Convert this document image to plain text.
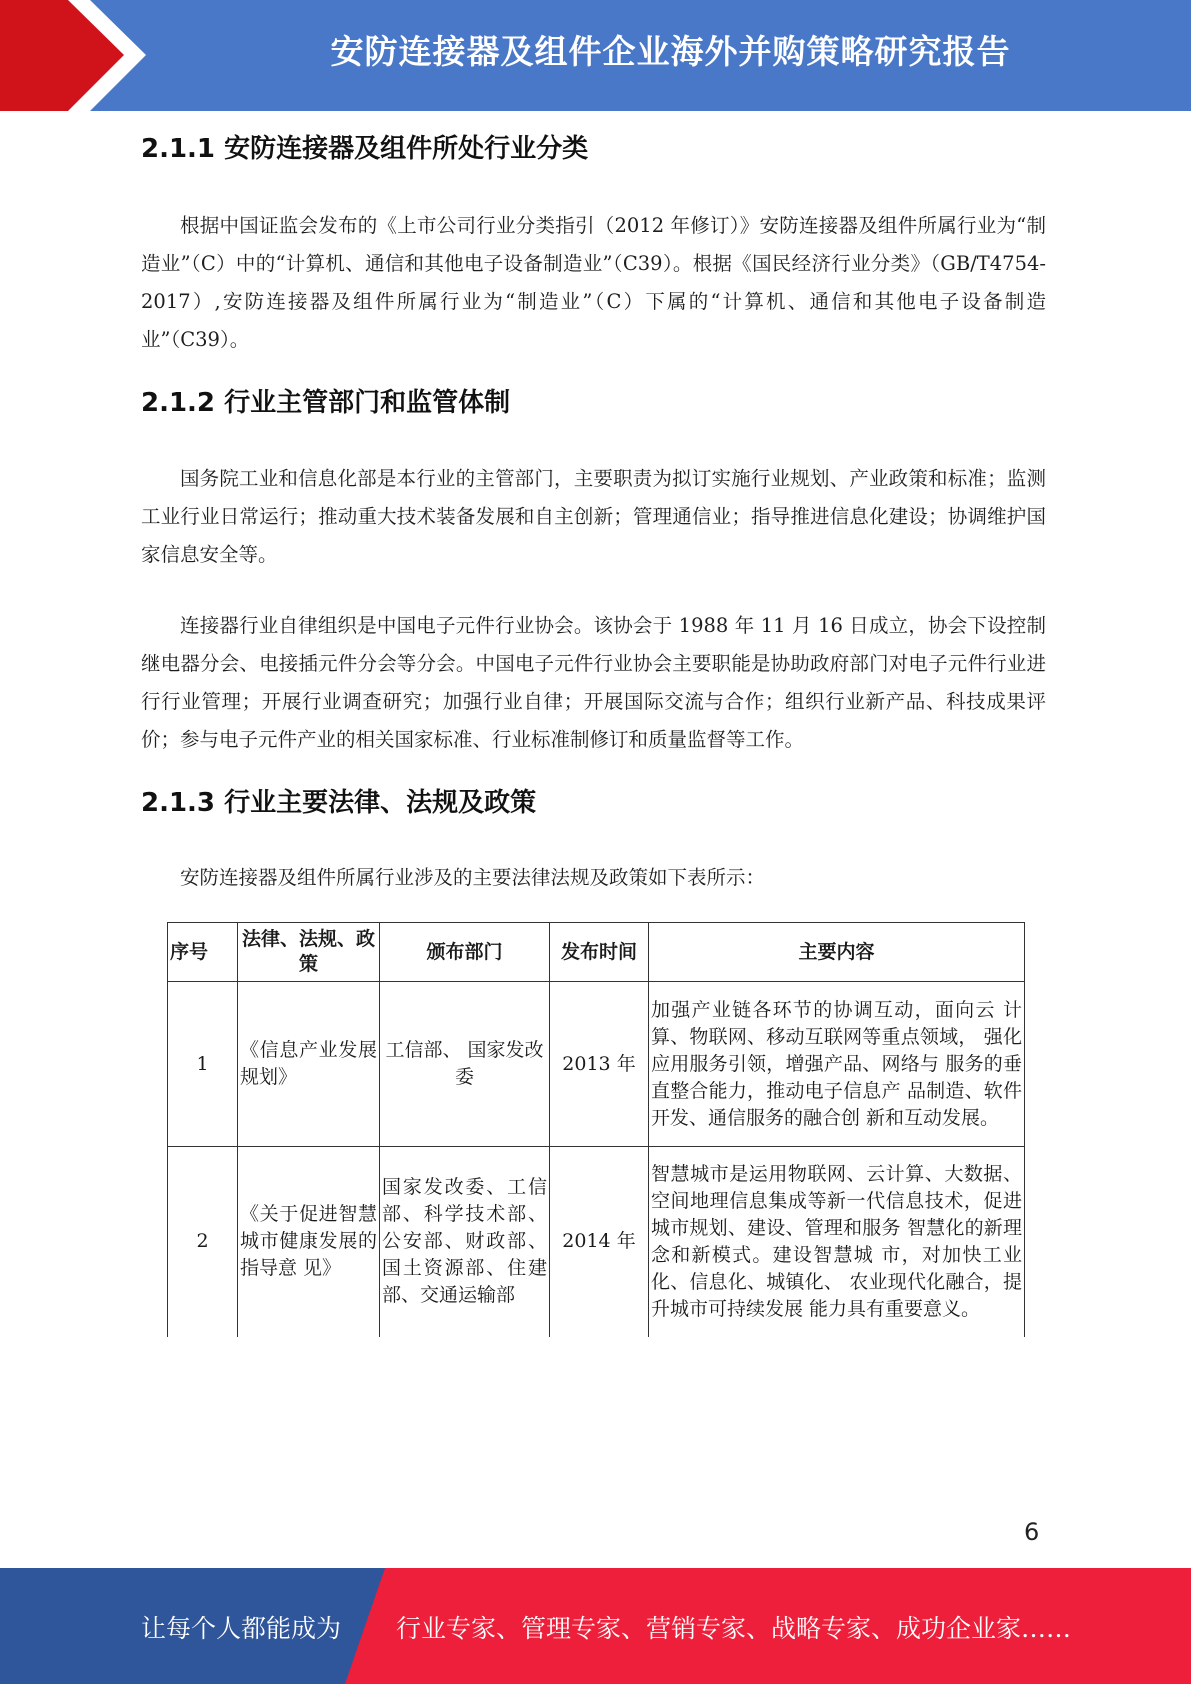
安防连接器及组件企业海外并购策略研究报告
2.1.1 安防连接器及组件所处行业分类

根据中国证监会发布的《上市公司行业分类指引（2012 年修订）》安防连接器及组件所属行业为“制造业”（C）中的“计算机、通信和其他电子设备制造业”（C39）。根据《国民经济行业分类》（GB/T4754-2017）,安防连接器及组件所属行业为“制造业”（C）下属的“计算机、通信和其他电子设备制造业”（C39）。

2.1.2 行业主管部门和监管体制

国务院工业和信息化部是本行业的主管部门，主要职责为拟订实施行业规划、产业政策和标准；监测工业行业日常运行；推动重大技术装备发展和自主创新；管理通信业；指导推进信息化建设；协调维护国家信息安全等。

连接器行业自律组织是中国电子元件行业协会。该协会于 1988 年 11 月 16 日成立，协会下设控制继电器分会、电接插元件分会等分会。中国电子元件行业协会主要职能是协助政府部门对电子元件行业进行行业管理；开展行业调查研究；加强行业自律；开展国际交流与合作；组织行业新产品、科技成果评价；参与电子元件产业的相关国家标准、行业标准制修订和质量监督等工作。

2.1.3 行业主要法律、法规及政策

安防连接器及组件所属行业涉及的主要法律法规及政策如下表所示：

序号	法律、法规、政策	颁布部门	发布时间	主要内容
1	《信息产业发展规划》	工信部、 国家发改委	2013 年	加强产业链各环节的协调互动，面向云 计算、物联网、移动互联网等重点领域， 强化应用服务引领，增强产品、网络与 服务的垂直整合能力，推动电子信息产 品制造、软件开发、通信服务的融合创 新和互动发展。
2	《关于促进智慧城市健康发展的指导意 见》	国家发改委、工信部、科学技术部、公安部、财政部、国土资源部、住建部、交通运输部	2014 年	智慧城市是运用物联网、云计算、大数据、空间地理信息集成等新一代信息技术，促进城市规划、建设、管理和服务 智慧化的新理念和新模式。建设智慧城 市，对加快工业化、信息化、城镇化、 农业现代化融合，提升城市可持续发展 能力具有重要意义。
6
让每个人都能成为 行业专家、管理专家、营销专家、战略专家、成功企业家……
